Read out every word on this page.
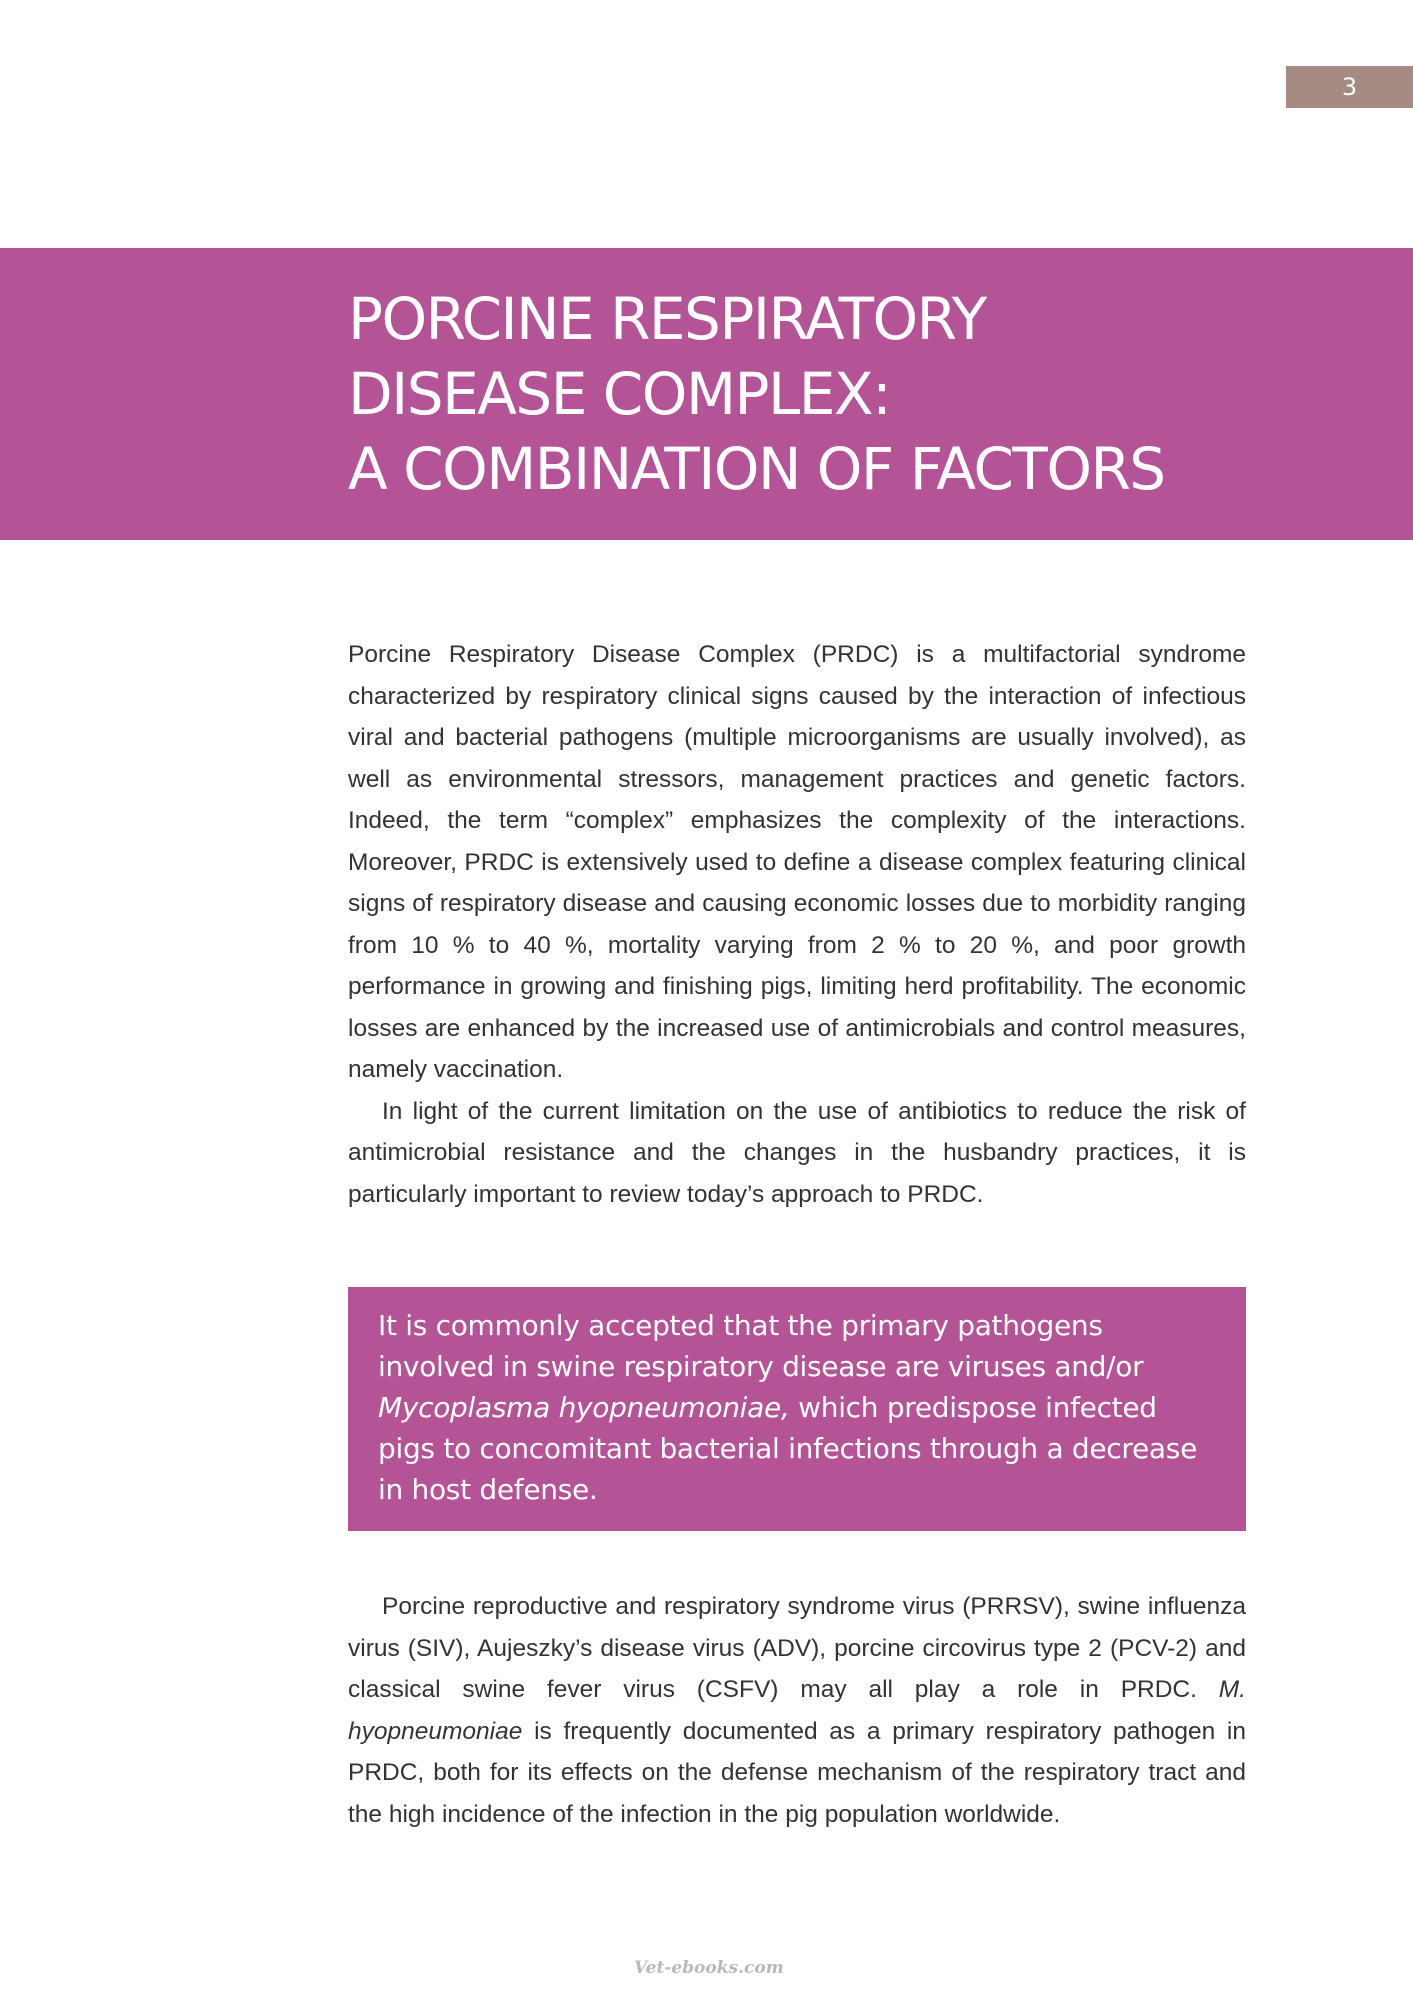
3
PORCINE RESPIRATORY
DISEASE COMPLEX:
A COMBINATION OF FACTORS

Porcine Respiratory Disease Complex (PRDC) is a multifactorial syndrome characterized by respiratory clinical signs caused by the interaction of infectious viral and bacterial pathogens (multiple microorganisms are usually involved), as well as environmental stressors, management practices and genetic factors. Indeed, the term “complex” emphasizes the complexity of the interactions. Moreover, PRDC is extensively used to define a disease complex featuring clinical signs of respiratory disease and causing economic losses due to morbidity ranging from 10 % to 40 %, mortality varying from 2 % to 20 %, and poor growth performance in growing and finishing pigs, limiting herd profitability. The economic losses are enhanced by the increased use of antimicrobials and control measures, namely vaccination.

In light of the current limitation on the use of antibiotics to reduce the risk of antimicrobial resistance and the changes in the husbandry practices, it is particularly important to review today’s approach to PRDC.

It is commonly accepted that the primary pathogens involved in swine respiratory disease are viruses and/or Mycoplasma hyopneumoniae, which predispose infected pigs to concomitant bacterial infections through a decrease in host defense.

Porcine reproductive and respiratory syndrome virus (PRRSV), swine influenza virus (SIV), Aujeszky’s disease virus (ADV), porcine circovirus type 2 (PCV-2) and classical swine fever virus (CSFV) may all play a role in PRDC. M. hyopneumoniae is frequently documented as a primary respiratory pathogen in PRDC, both for its effects on the defense mechanism of the respiratory tract and the high incidence of the infection in the pig population worldwide.

Vet-ebooks.com
